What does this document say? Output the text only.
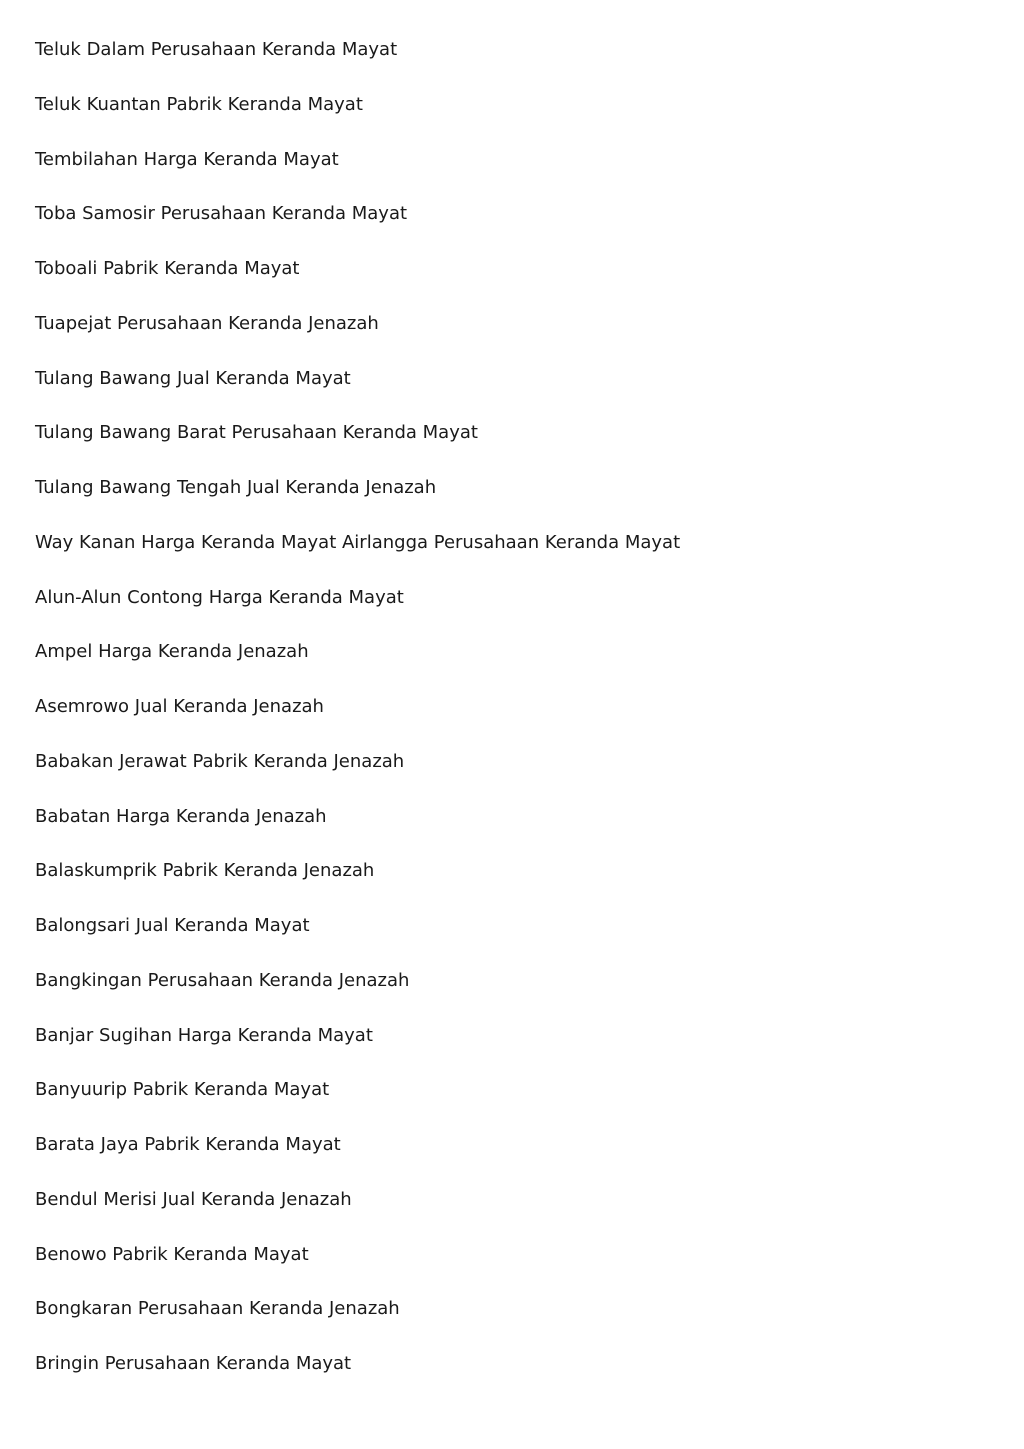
Teluk Dalam Perusahaan Keranda Mayat
Teluk Kuantan Pabrik Keranda Mayat
Tembilahan Harga Keranda Mayat
Toba Samosir Perusahaan Keranda Mayat
Toboali Pabrik Keranda Mayat
Tuapejat Perusahaan Keranda Jenazah
Tulang Bawang Jual Keranda Mayat
Tulang Bawang Barat Perusahaan Keranda Mayat
Tulang Bawang Tengah Jual Keranda Jenazah
Way Kanan Harga Keranda Mayat Airlangga Perusahaan Keranda Mayat
Alun-Alun Contong Harga Keranda Mayat
Ampel Harga Keranda Jenazah
Asemrowo Jual Keranda Jenazah
Babakan Jerawat Pabrik Keranda Jenazah
Babatan Harga Keranda Jenazah
Balaskumprik Pabrik Keranda Jenazah
Balongsari Jual Keranda Mayat
Bangkingan Perusahaan Keranda Jenazah
Banjar Sugihan Harga Keranda Mayat
Banyuurip Pabrik Keranda Mayat
Barata Jaya Pabrik Keranda Mayat
Bendul Merisi Jual Keranda Jenazah
Benowo Pabrik Keranda Mayat
Bongkaran Perusahaan Keranda Jenazah
Bringin Perusahaan Keranda Mayat
